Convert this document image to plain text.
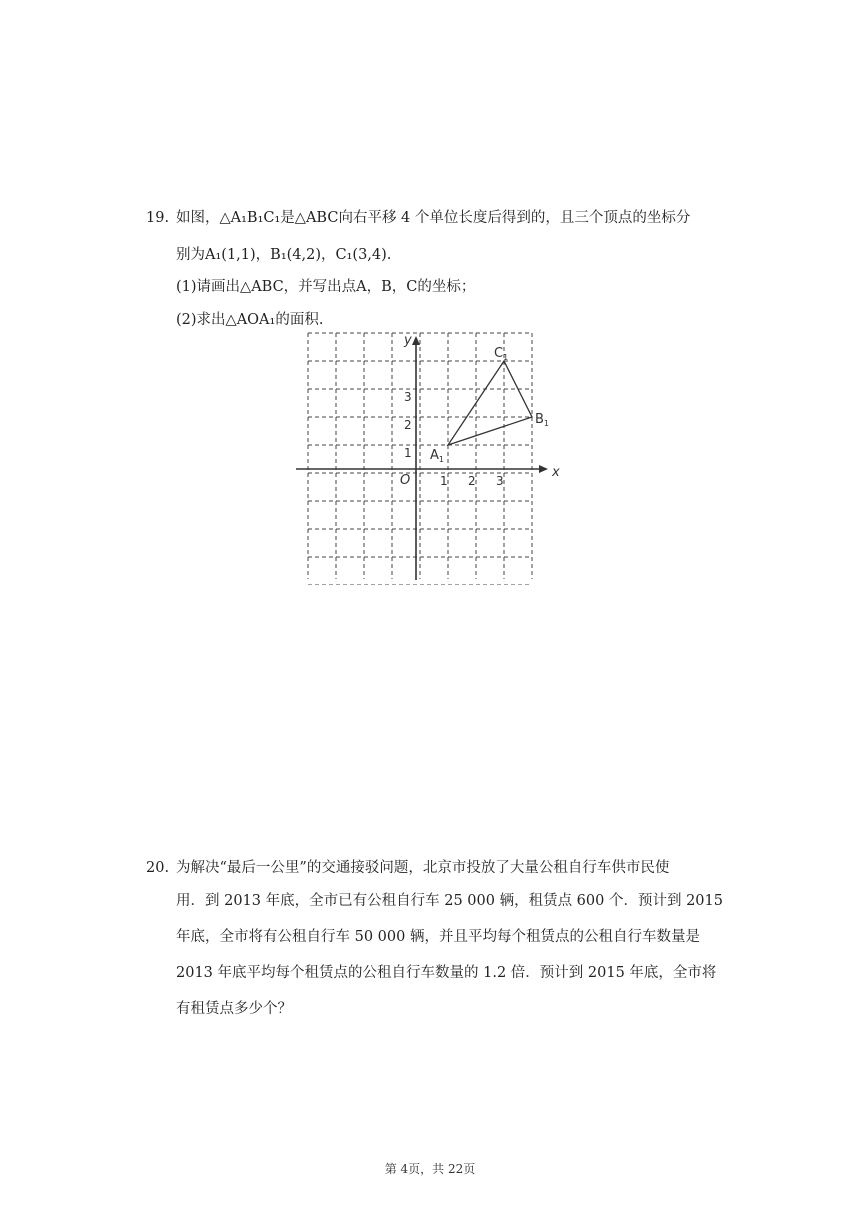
19. 如图，△A₁B₁C₁是△ABC向右平移 4 个单位长度后得到的，且三个顶点的坐标分

别为A₁(1,1)，B₁(4,2)，C₁(3,4).

(1)请画出△ABC，并写出点A，B，C的坐标；

(2)求出△AOA₁的面积.

x
y
O 1 2 3
1
2
3
$A_1$
$B_1$
$C_1$
20. 为解决“最后一公里”的交通接驳问题，北京市投放了大量公租自行车供市民使
用．到 2013 年底，全市已有公租自行车 25 000 辆，租赁点 600 个．预计到 2015
年底，全市将有公租自行车 50 000 辆，并且平均每个租赁点的公租自行车数量是
2013 年底平均每个租赁点的公租自行车数量的 1.2 倍．预计到 2015 年底，全市将
有租赁点多少个？
第 4页，共 22页
